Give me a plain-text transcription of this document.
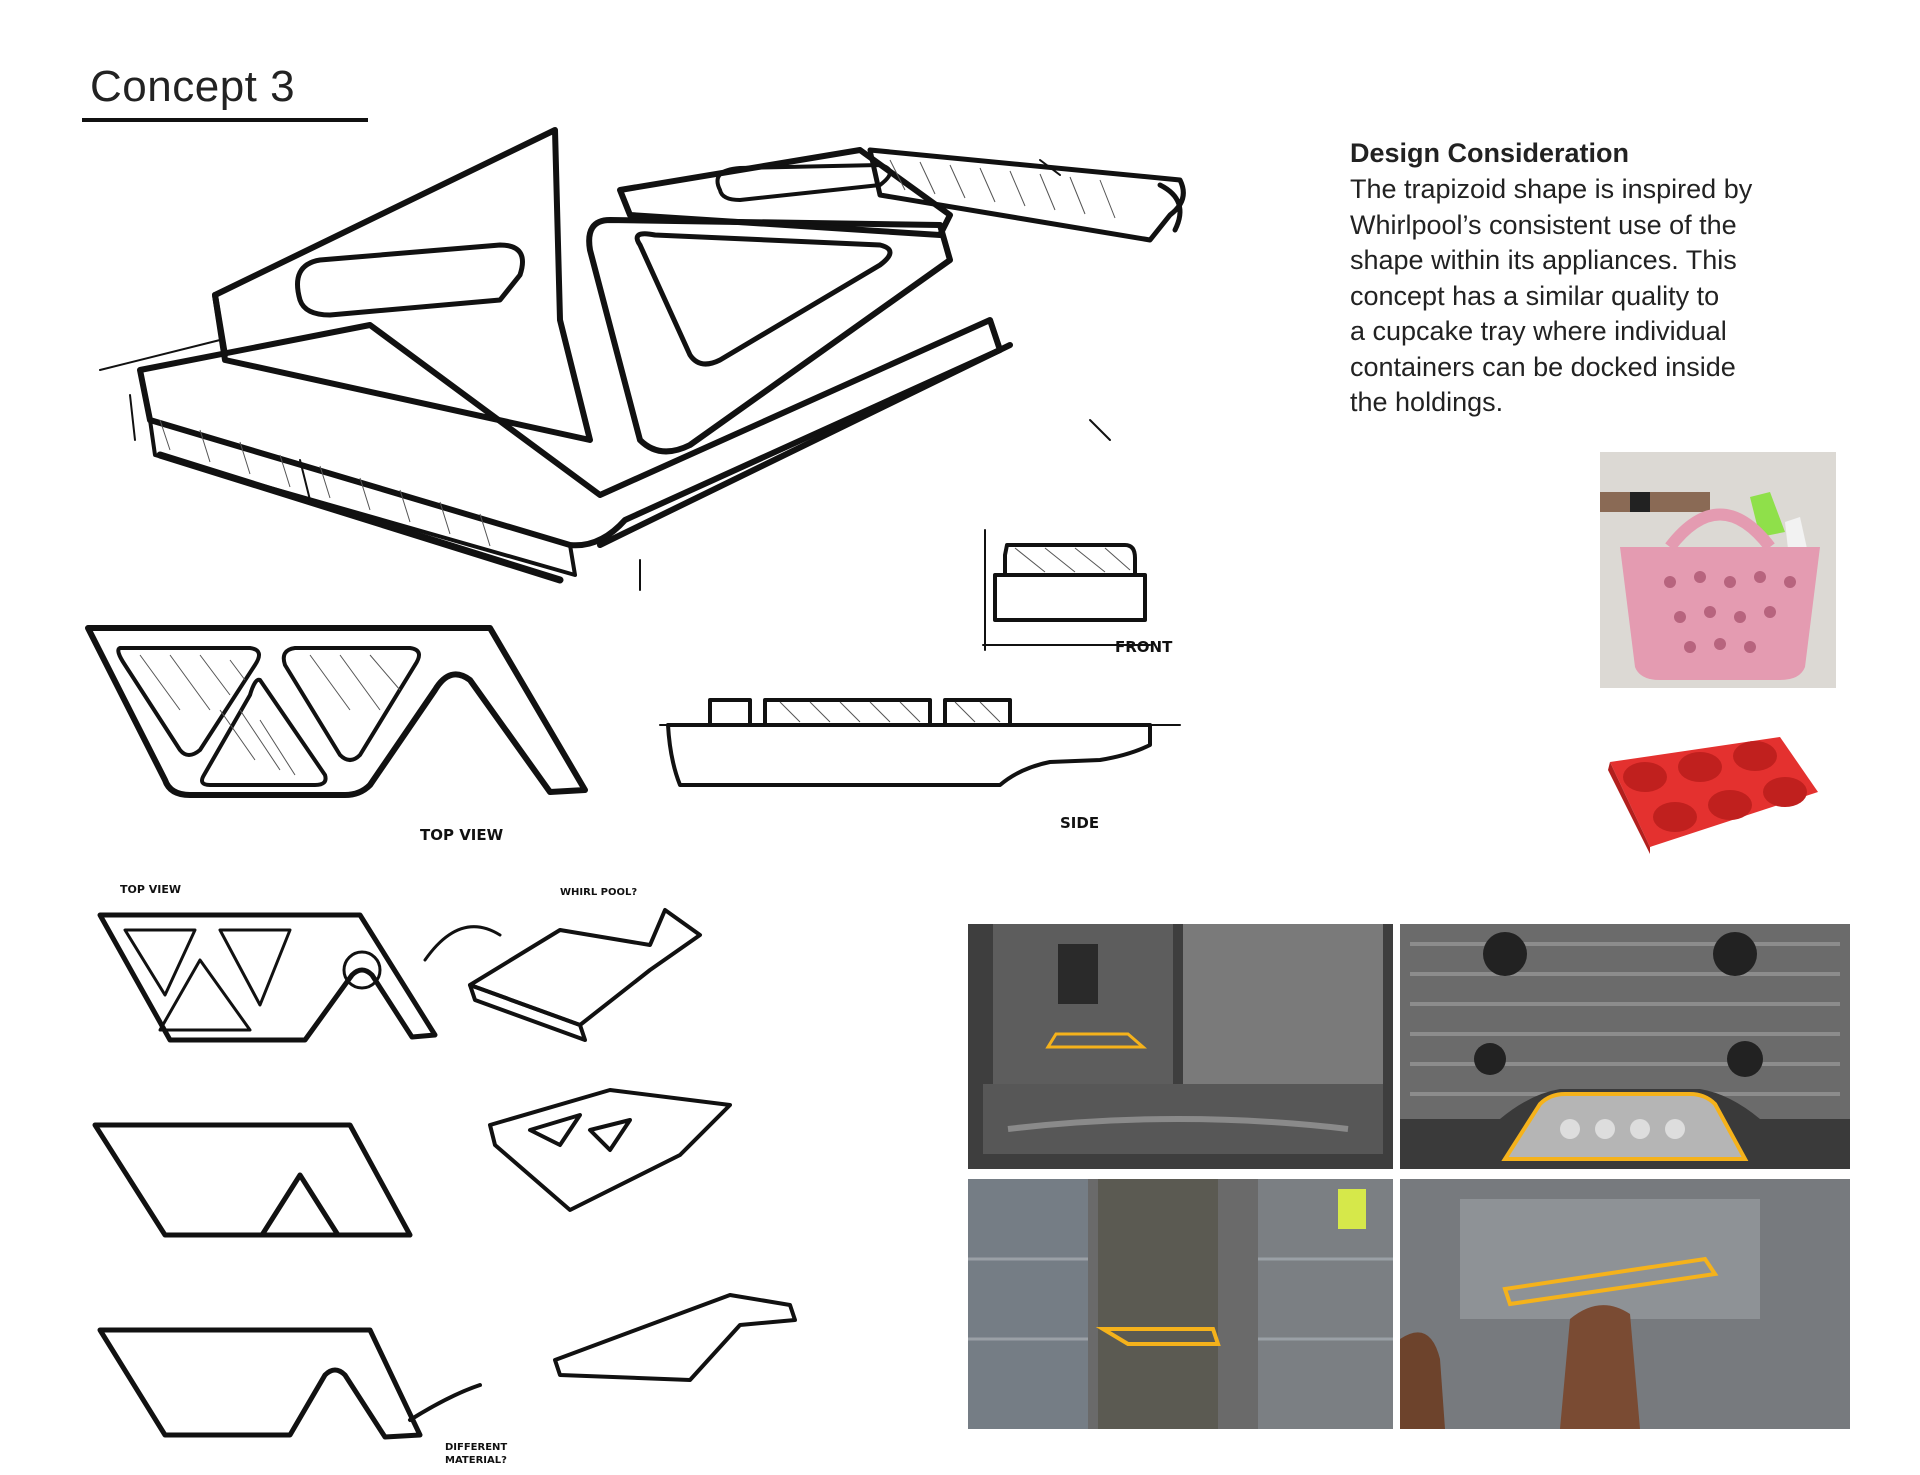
Concept 3
Design Consideration
The trapizoid shape is inspired by
Whirlpool’s consistent use of the
shape within its appliances. This
concept has a similar quality to
a cupcake tray where individual
containers can be docked inside
the holdings.
FRONT
TOP VIEW
SIDE
TOP VIEW	WHIRL POOL?
DIFFERENT
MATERIAL?
